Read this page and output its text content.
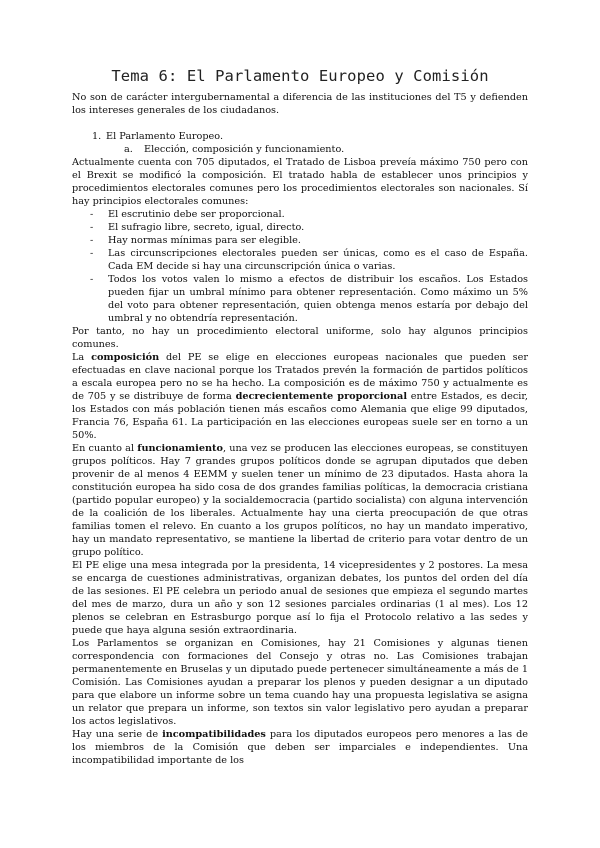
Tema 6: El Parlamento Europeo y Comisión

No son de carácter intergubernamental a diferencia de las instituciones del T5 y defienden los intereses generales de los ciudadanos.

1. El Parlamento Europeo.
a.	Elección, composición y funcionamiento.

Actualmente cuenta con 705 diputados, el Tratado de Lisboa preveía máximo 750 pero con el Brexit se modificó la composición. El tratado habla de establecer unos principios y procedimientos electorales comunes pero los procedimientos electorales son nacionales. Sí hay principios electorales comunes:

- El escrutinio debe ser proporcional.
- El sufragio libre, secreto, igual, directo.
- Hay normas mínimas para ser elegible.
- Las circunscripciones electorales pueden ser únicas, como es el caso de España. Cada EM decide si hay una circunscripción única o varias.
- Todos los votos valen lo mismo a efectos de distribuir los escaños. Los Estados pueden fijar un umbral mínimo para obtener representación. Como máximo un 5% del voto para obtener representación, quien obtenga menos estaría por debajo del umbral y no obtendría representación.

Por tanto, no hay un procedimiento electoral uniforme, solo hay algunos principios comunes.

La composición del PE se elige en elecciones europeas nacionales que pueden ser efectuadas en clave nacional porque los Tratados prevén la formación de partidos políticos a escala europea pero no se ha hecho. La composición es de máximo 750 y actualmente es de 705 y se distribuye de forma decrecientemente proporcional entre Estados, es decir, los Estados con más población tienen más escaños como Alemania que elige 99 diputados, Francia 76, España 61. La participación en las elecciones europeas suele ser en torno a un 50%.

En cuanto al funcionamiento, una vez se producen las elecciones europeas, se constituyen grupos políticos. Hay 7 grandes grupos políticos donde se agrupan diputados que deben provenir de al menos 4 EEMM y suelen tener un mínimo de 23 diputados. Hasta ahora la constitución europea ha sido cosa de dos grandes familias políticas, la democracia cristiana (partido popular europeo) y la socialdemocracia (partido socialista) con alguna intervención de la coalición de los liberales. Actualmente hay una cierta preocupación de que otras familias tomen el relevo. En cuanto a los grupos políticos, no hay un mandato imperativo, hay un mandato representativo, se mantiene la libertad de criterio para votar dentro de un grupo político.

El PE elige una mesa integrada por la presidenta, 14 vicepresidentes y 2 postores. La mesa se encarga de cuestiones administrativas, organizan debates, los puntos del orden del día de las sesiones. El PE celebra un periodo anual de sesiones que empieza el segundo martes del mes de marzo, dura un año y son 12 sesiones parciales ordinarias (1 al mes). Los 12 plenos se celebran en Estrasburgo porque así lo fija el Protocolo relativo a las sedes y puede que haya alguna sesión extraordinaria.

Los Parlamentos se organizan en Comisiones, hay 21 Comisiones y algunas tienen correspondencia con formaciones del Consejo y otras no. Las Comisiones trabajan permanentemente en Bruselas y un diputado puede pertenecer simultáneamente a más de 1 Comisión. Las Comisiones ayudan a preparar los plenos y pueden designar a un diputado para que elabore un informe sobre un tema cuando hay una propuesta legislativa se asigna un relator que prepara un informe, son textos sin valor legislativo pero ayudan a preparar los actos legislativos.

Hay una serie de incompatibilidades para los diputados europeos pero menores a las de los miembros de la Comisión que deben ser imparciales e independientes. Una incompatibilidad importante de los
